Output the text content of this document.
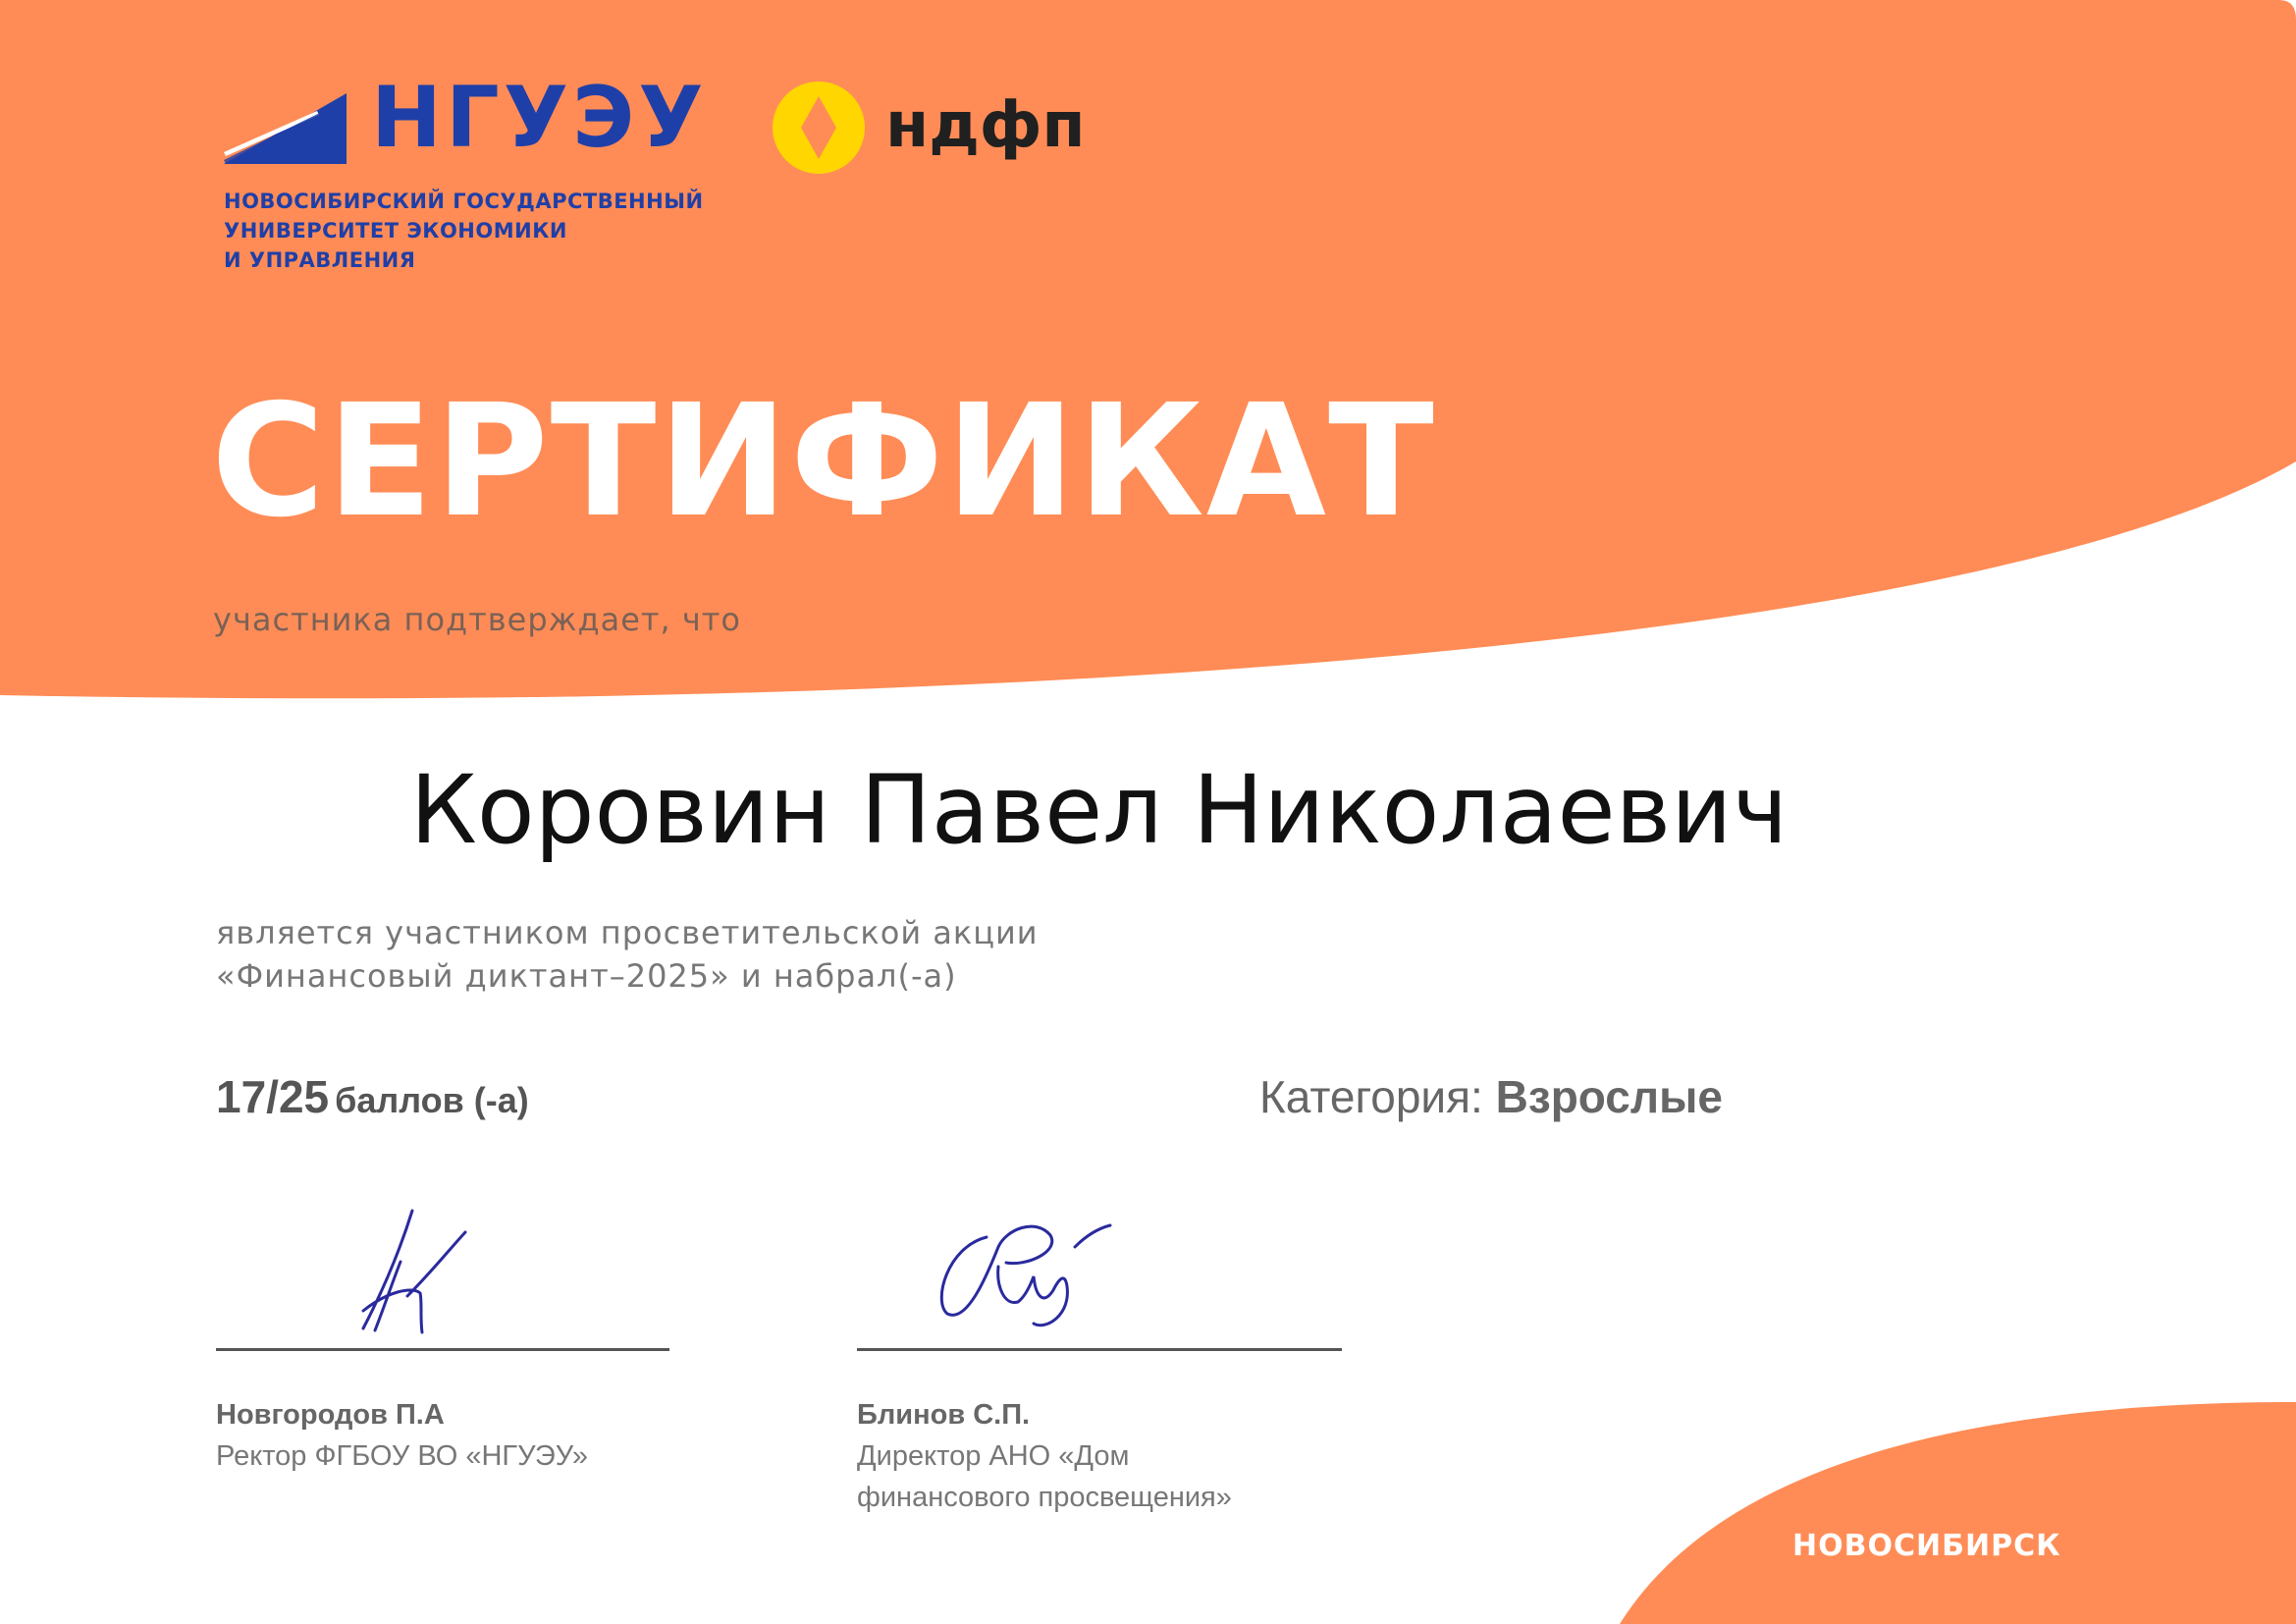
НГУЭУ
НОВОСИБИРСКИЙ ГОСУДАРСТВЕННЫЙ
УНИВЕРСИТЕТ ЭКОНОМИКИ
И УПРАВЛЕНИЯ
ндфп
СЕРТИФИКАТ
участника подтверждает, что
Коровин Павел Николаевич
является участником просветительской акции
«Финансовый диктант–2025» и набрал(-а)
17/25 баллов (-а)	Категория: Взрослые
Новгородов П.А
Ректор ФГБОУ ВО «НГУЭУ»
Блинов С.П.
Директор АНО «Дом
финансового просвещения»
НОВОСИБИРСК
